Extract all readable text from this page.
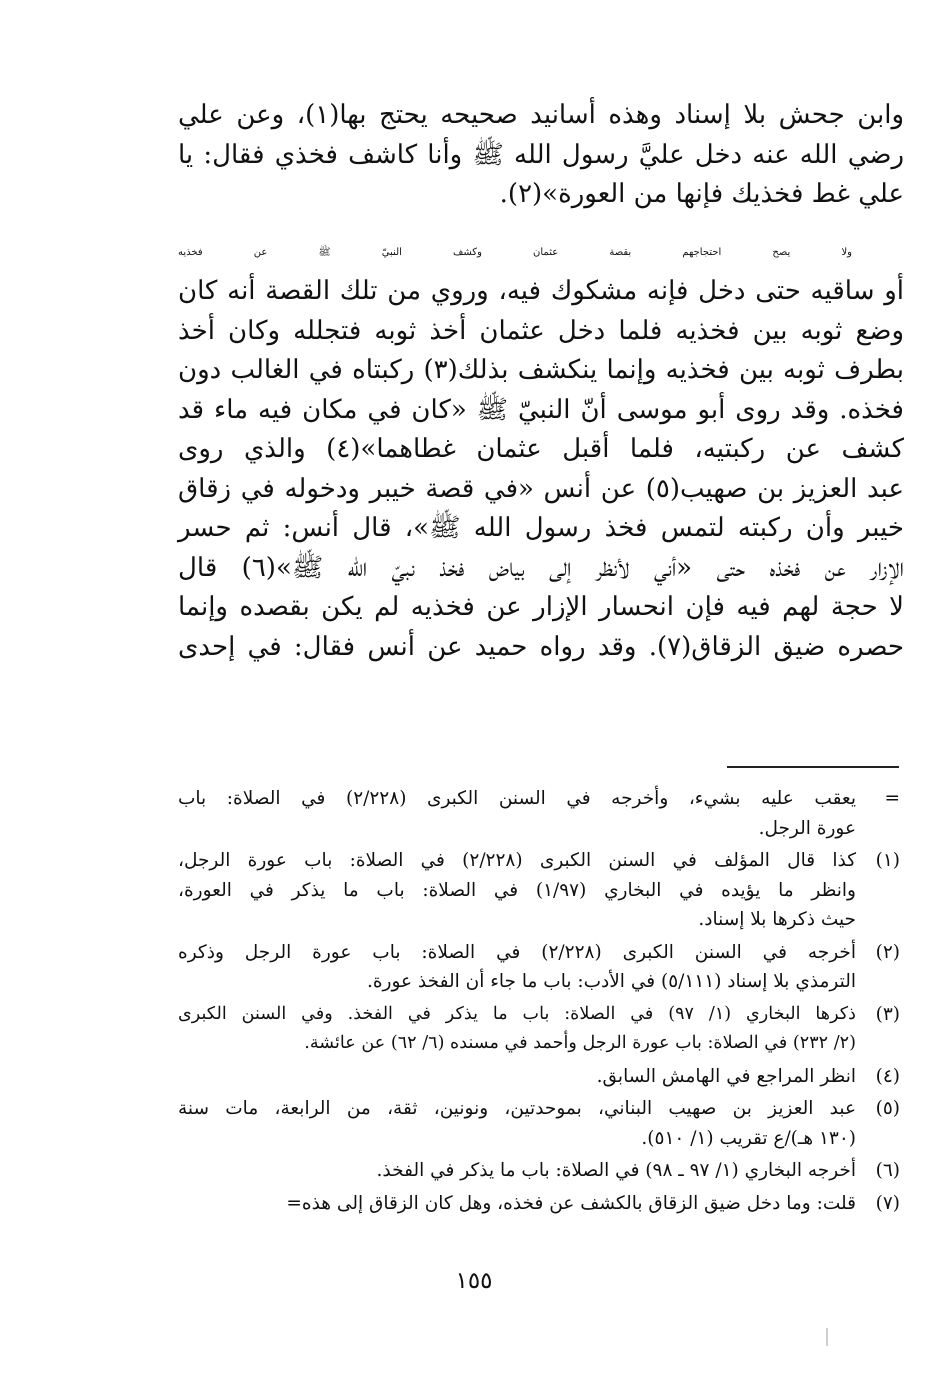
وابن جحش بلا إسناد وهذه أسانيد صحيحه يحتج بها(١)، وعن علي
رضي الله عنه دخل عليَّ رسول الله ﷺ وأنا كاشف فخذي فقال: يا
علي غط فخذيك فإنها من العورة»(٢).

ولا يصح احتجاجهم بقصة عثمان وكشف النبيّ ﷺ عن فخذيه
أو ساقيه حتى دخل فإنه مشكوك فيه، وروي من تلك القصة أنه كان
وضع ثوبه بين فخذيه فلما دخل عثمان أخذ ثوبه فتجلله وكان أخذ
بطرف ثوبه بين فخذيه وإنما ينكشف بذلك(٣) ركبتاه في الغالب دون
فخذه. وقد روى أبو موسى أنّ النبيّ ﷺ «كان في مكان فيه ماء قد
كشف عن ركبتيه، فلما أقبل عثمان غطاهما»(٤) والذي روى
عبد العزيز بن صهيب(٥) عن أنس «في قصة خيبر ودخوله في زقاق
خيبر وأن ركبته لتمس فخذ رسول الله ﷺ»، قال أنس: ثم حسر
الإزار عن فخذه حتى «أني لأنظر إلى بياض فخذ نبيّ الله ﷺ»(٦) قال
لا حجة لهم فيه فإن انحسار الإزار عن فخذيه لم يكن بقصده وإنما
حصره ضيق الزقاق(٧). وقد رواه حميد عن أنس فقال: في إحدى

=
يعقب عليه بشيء، وأخرجه في السنن الكبرى (٢/٢٢٨) في الصلاة: باب
عورة الرجل.
(١)
كذا قال المؤلف في السنن الكبرى (٢/٢٢٨) في الصلاة: باب عورة الرجل،
وانظر ما يؤيده في البخاري (١/٩٧) في الصلاة: باب ما يذكر في العورة،
حيث ذكرها بلا إسناد.
(٢)
أخرجه في السنن الكبرى (٢/٢٢٨) في الصلاة: باب عورة الرجل وذكره
الترمذي بلا إسناد (٥/١١١) في الأدب: باب ما جاء أن الفخذ عورة.
(٣)
ذكرها البخاري (١/ ٩٧) في الصلاة: باب ما يذكر في الفخذ. وفي السنن الكبرى
(٢/ ٢٣٢) في الصلاة: باب عورة الرجل وأحمد في مسنده (٦/ ٦٢) عن عائشة.
(٤)
انظر المراجع في الهامش السابق.
(٥)
عبد العزيز بن صهيب البناني، بموحدتين، ونونين، ثقة، من الرابعة، مات سنة
(١٣٠ هـ)/ع تقريب (١/ ٥١٠).
(٦)
أخرجه البخاري (١/ ٩٧ ـ ٩٨) في الصلاة: باب ما يذكر في الفخذ.
(٧)
قلت: وما دخل ضيق الزقاق بالكشف عن فخذه، وهل كان الزقاق إلى هذه=
١٥٥
